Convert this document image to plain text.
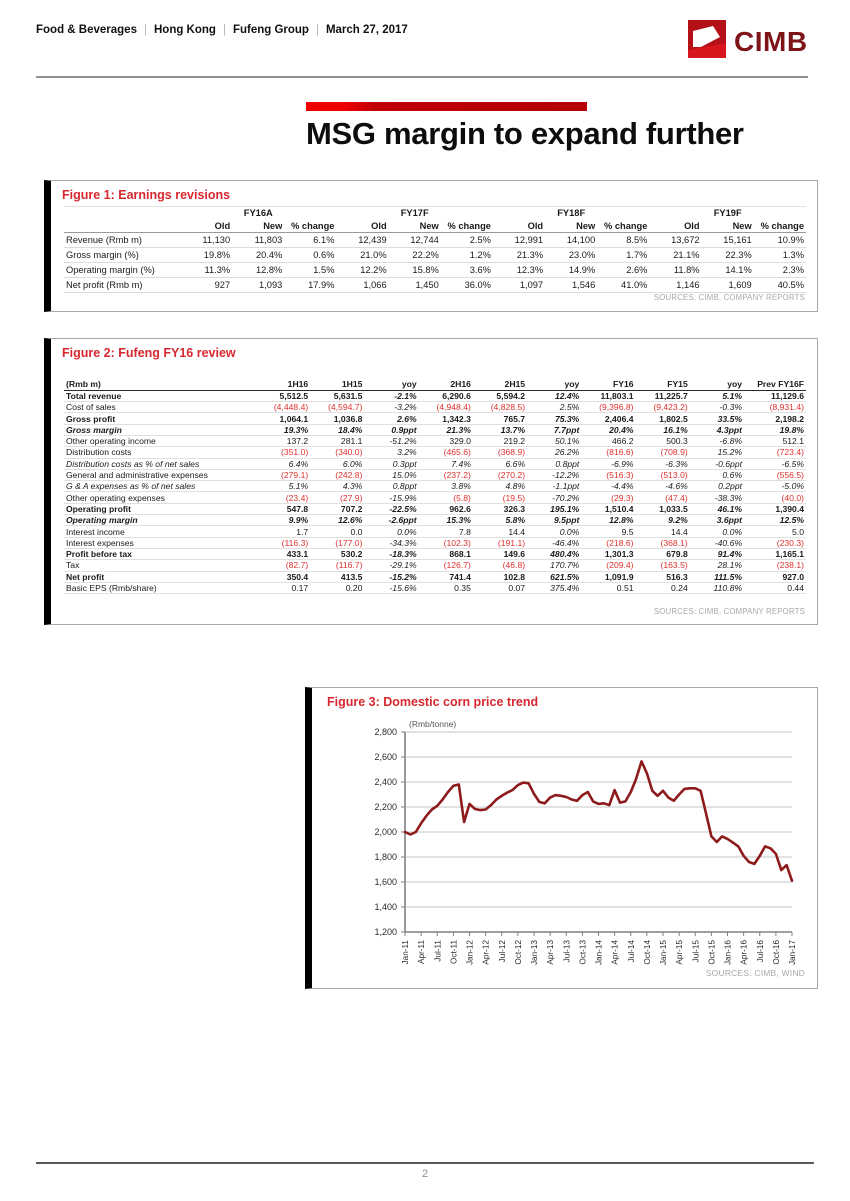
Food & Beverages | Hong Kong | Fufeng Group | March 27, 2017	CIMB
MSG margin to expand further
Figure 1: Earnings revisions
	FY16A			FY17F			FY18F			FY19F		
	Old	New	% change	Old	New	% change	Old	New	% change	Old	New	% change
Revenue (Rmb m)	11,130	11,803	6.1%	12,439	12,744	2.5%	12,991	14,100	8.5%	13,672	15,161	10.9%
Gross margin (%)	19.8%	20.4%	0.6%	21.0%	22.2%	1.2%	21.3%	23.0%	1.7%	21.1%	22.3%	1.3%
Operating margin (%)	11.3%	12.8%	1.5%	12.2%	15.8%	3.6%	12.3%	14.9%	2.6%	11.8%	14.1%	2.3%
Net profit (Rmb m)	927	1,093	17.9%	1,066	1,450	36.0%	1,097	1,546	41.0%	1,146	1,609	40.5%
SOURCES: CIMB, COMPANY REPORTS
Figure 2: Fufeng FY16 review
(Rmb m)	1H16	1H15	yoy	2H16	2H15	yoy	FY16	FY15	yoy	Prev FY16F
Total revenue	5,512.5	5,631.5	-2.1%	6,290.6	5,594.2	12.4%	11,803.1	11,225.7	5.1%	11,129.6
Cost of sales	(4,448.4)	(4,594.7)	-3.2%	(4,948.4)	(4,828.5)	2.5%	(9,396.8)	(9,423.2)	-0.3%	(8,931.4)
Gross profit	1,064.1	1,036.8	2.6%	1,342.3	765.7	75.3%	2,406.4	1,802.5	33.5%	2,198.2
Gross margin	19.3%	18.4%	0.9ppt	21.3%	13.7%	7.7ppt	20.4%	16.1%	4.3ppt	19.8%
Other operating income	137.2	281.1	-51.2%	329.0	219.2	50.1%	466.2	500.3	-6.8%	512.1
Distribution costs	(351.0)	(340.0)	3.2%	(465.6)	(368.9)	26.2%	(816.6)	(708.9)	15.2%	(723.4)
Distribution costs as % of net sales	6.4%	6.0%	0.3ppt	7.4%	6.6%	0.8ppt	-6.9%	-6.3%	-0.6ppt	-6.5%
General and administrative expenses	(279.1)	(242.8)	15.0%	(237.2)	(270.2)	-12.2%	(516.3)	(513.0)	0.6%	(556.5)
G & A expenses as % of net sales	5.1%	4.3%	0.8ppt	3.8%	4.8%	-1.1ppt	-4.4%	-4.6%	0.2ppt	-5.0%
Other operating expenses	(23.4)	(27.9)	-15.9%	(5.8)	(19.5)	-70.2%	(29.3)	(47.4)	-38.3%	(40.0)
Operating profit	547.8	707.2	-22.5%	962.6	326.3	195.1%	1,510.4	1,033.5	46.1%	1,390.4
Operating margin	9.9%	12.6%	-2.6ppt	15.3%	5.8%	9.5ppt	12.8%	9.2%	3.6ppt	12.5%
Interest income	1.7	0.0	0.0%	7.8	14.4	0.0%	9.5	14.4	0.0%	5.0
Interest expenses	(116.3)	(177.0)	-34.3%	(102.3)	(191.1)	-46.4%	(218.6)	(368.1)	-40.6%	(230.3)
Profit before tax	433.1	530.2	-18.3%	868.1	149.6	480.4%	1,301.3	679.8	91.4%	1,165.1
Tax	(82.7)	(116.7)	-29.1%	(126.7)	(46.8)	170.7%	(209.4)	(163.5)	28.1%	(238.1)
Net profit	350.4	413.5	-15.2%	741.4	102.8	621.5%	1,091.9	516.3	111.5%	927.0
Basic EPS (Rmb/share)	0.17	0.20	-15.6%	0.35	0.07	375.4%	0.51	0.24	110.8%	0.44
SOURCES: CIMB, COMPANY REPORTS
1,200
1,400
1,600
1,800
2,000
2,200
2,400
2,600
2,800
Jan-11 Apr-11 Jul-11 Oct-11 Jan-12 Apr-12 Jul-12 Oct-12 Jan-13 Apr-13 Jul-13 Oct-13 Jan-14 Apr-14 Jul-14 Oct-14 Jan-15 Apr-15 Jul-15 Oct-15 Jan-16 Apr-16 Jul-16 Oct-16 Jan-17
(Rmb/tonne)
Figure 3: Domestic corn price trend
SOURCES: CIMB, WIND
2
